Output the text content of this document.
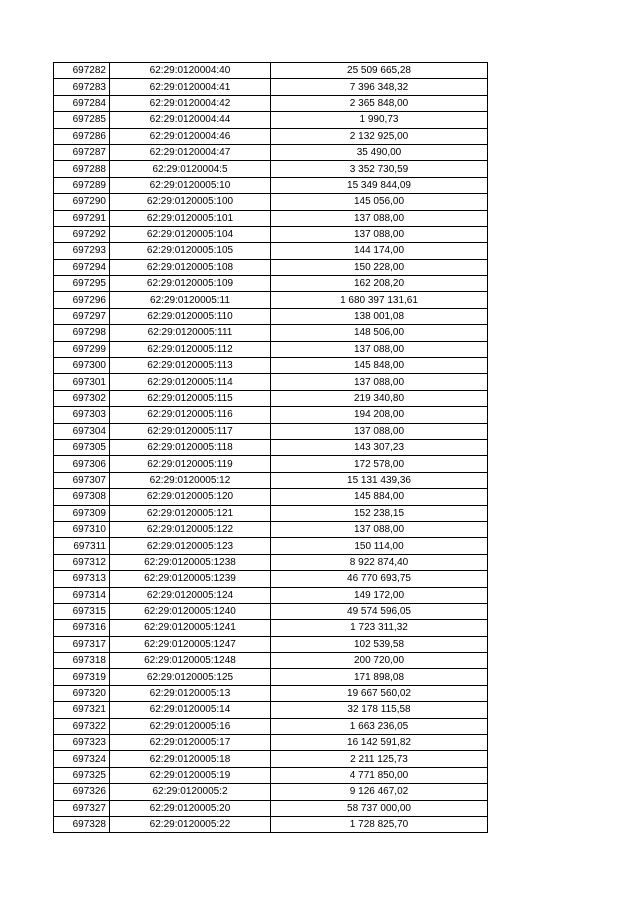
697282	62:29:0120004:40	25 509 665,28
697283	62:29:0120004:41	7 396 348,32
697284	62:29:0120004:42	2 365 848,00
697285	62:29:0120004:44	1 990,73
697286	62:29:0120004:46	2 132 925,00
697287	62:29:0120004:47	35 490,00
697288	62:29:0120004:5	3 352 730,59
697289	62:29:0120005:10	15 349 844,09
697290	62:29:0120005:100	145 056,00
697291	62:29:0120005:101	137 088,00
697292	62:29:0120005:104	137 088,00
697293	62:29:0120005:105	144 174,00
697294	62:29:0120005:108	150 228,00
697295	62:29:0120005:109	162 208,20
697296	62:29:0120005:11	1 680 397 131,61
697297	62:29:0120005:110	138 001,08
697298	62:29:0120005:111	148 506,00
697299	62:29:0120005:112	137 088,00
697300	62:29:0120005:113	145 848,00
697301	62:29:0120005:114	137 088,00
697302	62:29:0120005:115	219 340,80
697303	62:29:0120005:116	194 208,00
697304	62:29:0120005:117	137 088,00
697305	62:29:0120005:118	143 307,23
697306	62:29:0120005:119	172 578,00
697307	62:29:0120005:12	15 131 439,36
697308	62:29:0120005:120	145 884,00
697309	62:29:0120005:121	152 238,15
697310	62:29:0120005:122	137 088,00
697311	62:29:0120005:123	150 114,00
697312	62:29:0120005:1238	8 922 874,40
697313	62:29:0120005:1239	46 770 693,75
697314	62:29:0120005:124	149 172,00
697315	62:29:0120005:1240	49 574 596,05
697316	62:29:0120005:1241	1 723 311,32
697317	62:29:0120005:1247	102 539,58
697318	62:29:0120005:1248	200 720,00
697319	62:29:0120005:125	171 898,08
697320	62:29:0120005:13	19 667 560,02
697321	62:29:0120005:14	32 178 115,58
697322	62:29:0120005:16	1 663 236,05
697323	62:29:0120005:17	16 142 591,82
697324	62:29:0120005:18	2 211 125,73
697325	62:29:0120005:19	4 771 850,00
697326	62:29:0120005:2	9 126 467,02
697327	62:29:0120005:20	58 737 000,00
697328	62:29:0120005:22	1 728 825,70
